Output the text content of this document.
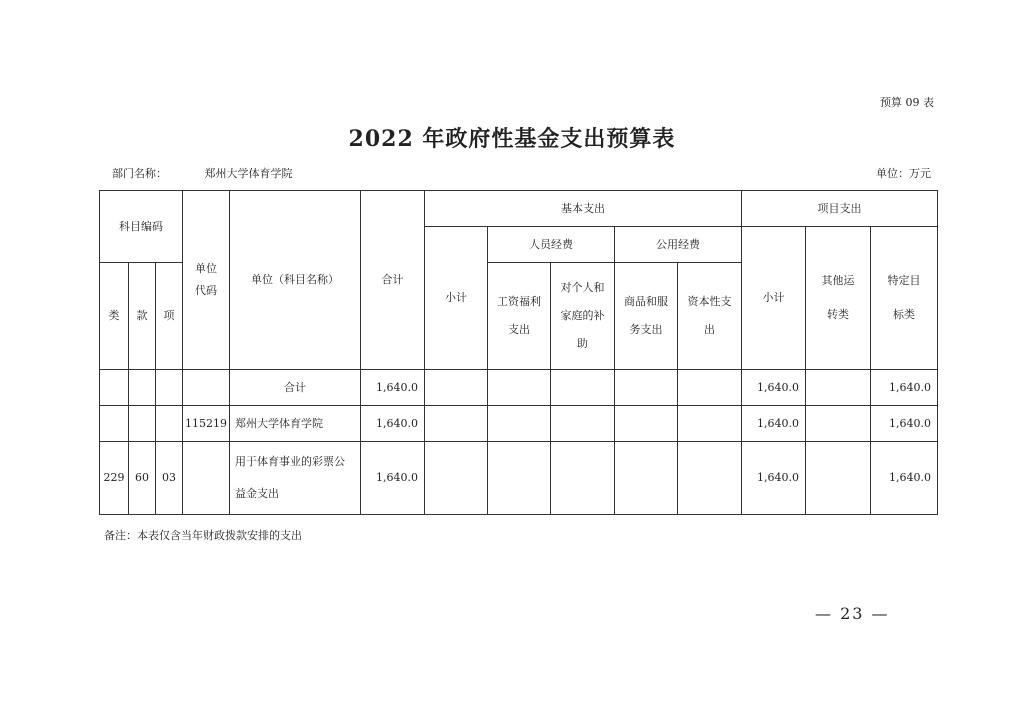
预算 09 表
2022 年政府性基金支出预算表
部门名称：	郑州大学体育学院	单位：万元
科目编码			单位代码	单位（科目名称）	合计	基本支出					项目支出		
						小计	人员经费		公用经费		小计	其他运转类	特定目标类
类	款	项					工资福利支出	对个人和家庭的补助	商品和服务支出	资本性支出			

				合计	1,640.0						1,640.0		1,640.0
			115219	郑州大学体育学院	1,640.0						1,640.0		1,640.0
229	60	03		用于体育事业的彩票公益金支出	1,640.0						1,640.0		1,640.0
备注：本表仅含当年财政拨款安排的支出
— 23 —
